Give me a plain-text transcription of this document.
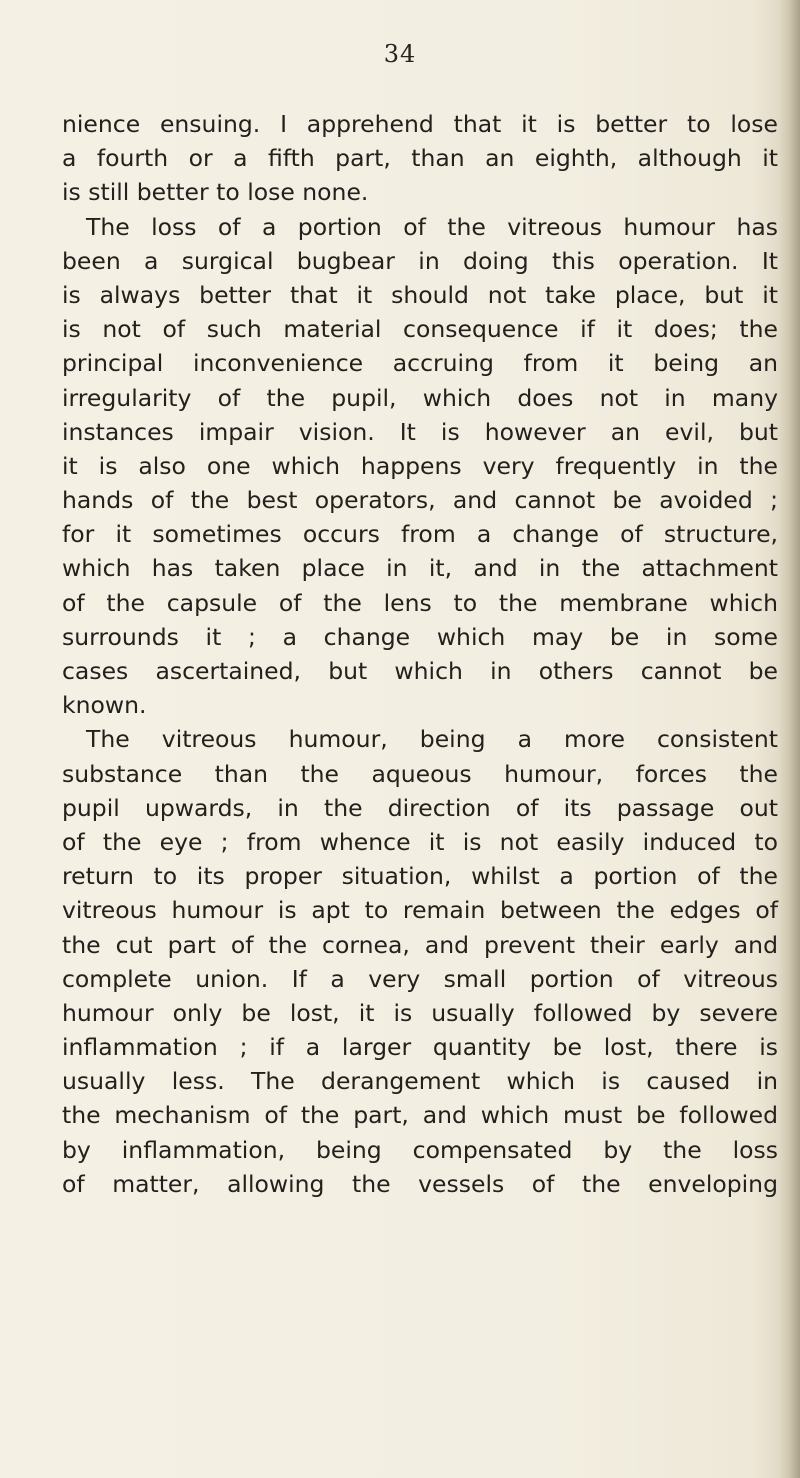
34
nience ensuing. I apprehend that it is better to lose
a fourth or a fifth part, than an eighth, although it
is still better to lose none.
The loss of a portion of the vitreous humour has
been a surgical bugbear in doing this operation. It
is always better that it should not take place, but it
is not of such material consequence if it does; the
principal inconvenience accruing from it being an
irregularity of the pupil, which does not in many
instances impair vision. It is however an evil, but
it is also one which happens very frequently in the
hands of the best operators, and cannot be avoided ;
for it sometimes occurs from a change of structure,
which has taken place in it, and in the attachment
of the capsule of the lens to the membrane which
surrounds it ; a change which may be in some
cases ascertained, but which in others cannot be
known.
The vitreous humour, being a more consistent
substance than the aqueous humour, forces the
pupil upwards, in the direction of its passage out
of the eye ; from whence it is not easily induced to
return to its proper situation, whilst a portion of the
vitreous humour is apt to remain between the edges of
the cut part of the cornea, and prevent their early and
complete union. If a very small portion of vitreous
humour only be lost, it is usually followed by severe
inflammation ; if a larger quantity be lost, there is
usually less. The derangement which is caused in
the mechanism of the part, and which must be followed
by inflammation, being compensated by the loss
of matter, allowing the vessels of the enveloping
